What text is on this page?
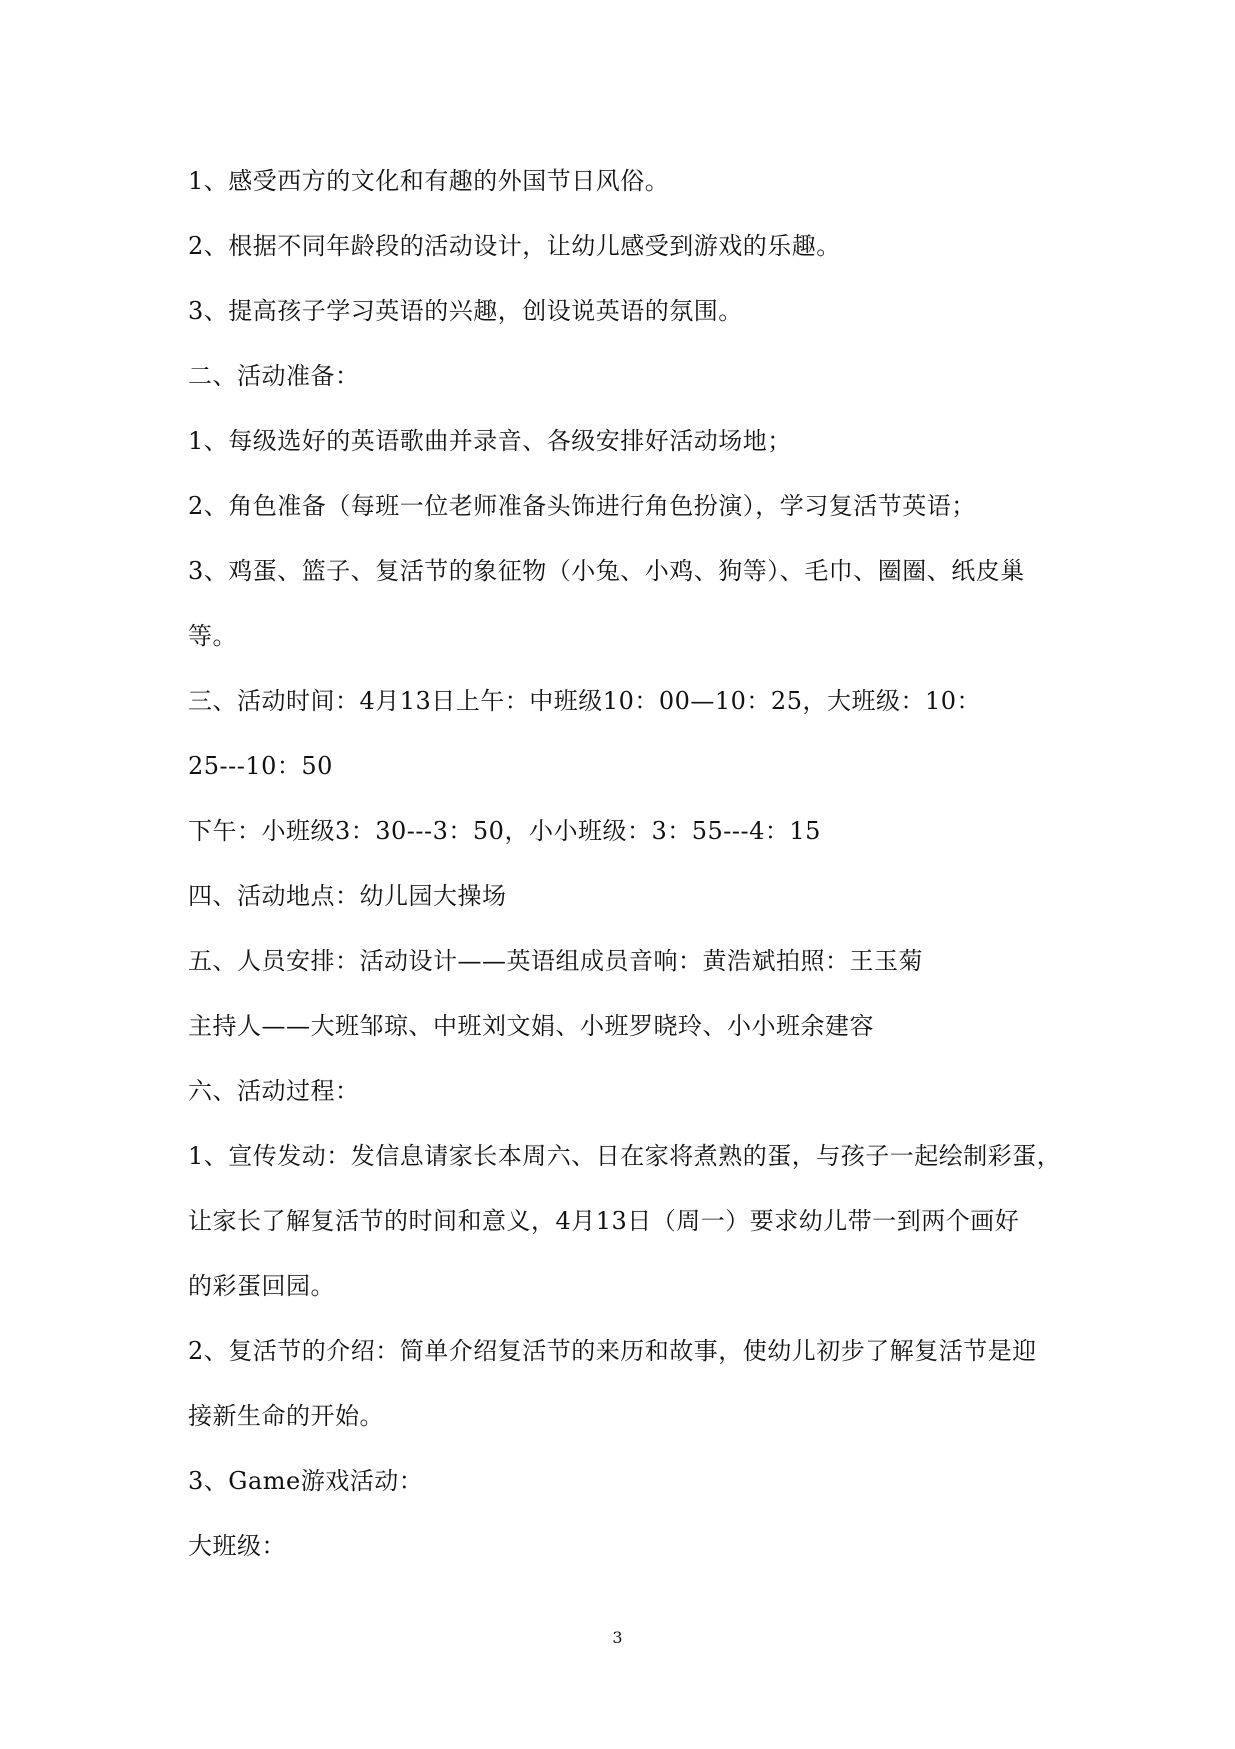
1、感受西方的文化和有趣的外国节日风俗。
2、根据不同年龄段的活动设计，让幼儿感受到游戏的乐趣。
3、提高孩子学习英语的兴趣，创设说英语的氛围。
二、活动准备：
1、每级选好的英语歌曲并录音、各级安排好活动场地；
2、角色准备（每班一位老师准备头饰进行角色扮演），学习复活节英语；
3、鸡蛋、篮子、复活节的象征物（小兔、小鸡、狗等）、毛巾、圈圈、纸皮巢
等。
三、活动时间：4月13日上午：中班级10：00—10：25，大班级：10：
25---10：50
下午：小班级3：30---3：50，小小班级：3：55---4：15
四、活动地点：幼儿园大操场
五、人员安排：活动设计——英语组成员音响：黄浩斌拍照：王玉菊
主持人——大班邹琼、中班刘文娟、小班罗晓玲、小小班余建容
六、活动过程：
1、宣传发动：发信息请家长本周六、日在家将煮熟的蛋，与孩子一起绘制彩蛋，
让家长了解复活节的时间和意义，4月13日（周一）要求幼儿带一到两个画好
的彩蛋回园。
2、复活节的介绍：简单介绍复活节的来历和故事，使幼儿初步了解复活节是迎
接新生命的开始。
3、Game游戏活动：
大班级：
3
